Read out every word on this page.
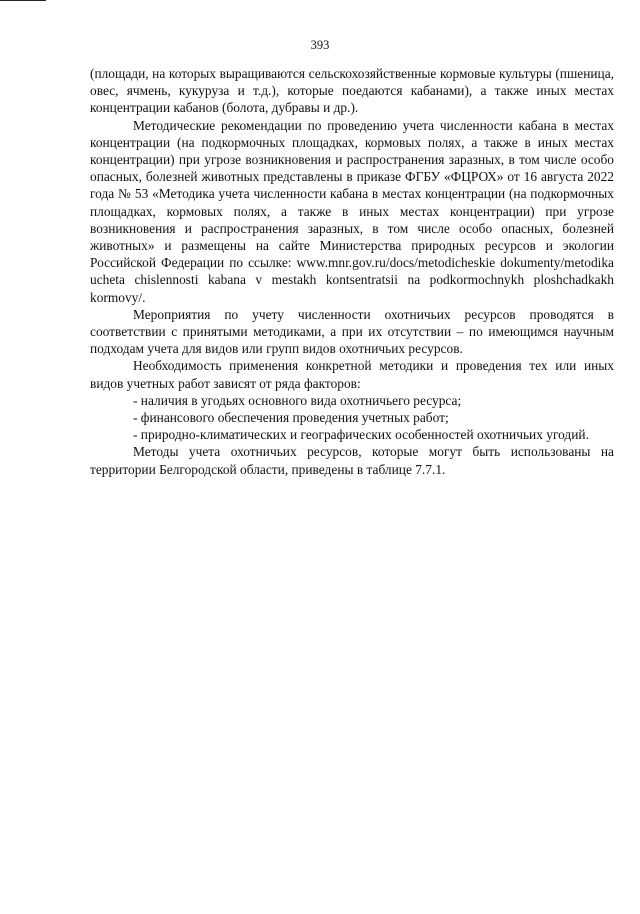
393

(площади, на которых выращиваются сельскохозяйственные кормовые культуры (пшеница, овес, ячмень, кукуруза и т.д.), которые поедаются кабанами), а также иных местах концентрации кабанов (болота, дубравы и др.).

Методические рекомендации по проведению учета численности кабана в местах концентрации (на подкормочных площадках, кормовых полях, а также в иных местах концентрации) при угрозе возникновения и распространения заразных, в том числе особо опасных, болезней животных представлены в приказе ФГБУ «ФЦРОХ» от 16 августа 2022 года № 53 «Методика учета численности кабана в местах концентрации (на подкормочных площадках, кормовых полях, а также в иных местах концентрации) при угрозе возникновения и распространения заразных, в том числе особо опасных, болезней животных» и размещены на сайте Министерства природных ресурсов и экологии Российской Федерации по ссылке: www.mnr.gov.ru/docs/metodicheskie dokumenty/metodika ucheta chislennosti kabana v mestakh kontsentratsii na podkormochnykh ploshchadkakh kormovy/.

Мероприятия по учету численности охотничьих ресурсов проводятся в соответствии с принятыми методиками, а при их отсутствии – по имеющимся научным подходам учета для видов или групп видов охотничьих ресурсов.

Необходимость применения конкретной методики и проведения тех или иных видов учетных работ зависят от ряда факторов:

- наличия в угодьях основного вида охотничьего ресурса;

- финансового обеспечения проведения учетных работ;

- природно-климатических и географических особенностей охотничьих угодий.

Методы учета охотничьих ресурсов, которые могут быть использованы на территории Белгородской области, приведены в таблице 7.7.1.
